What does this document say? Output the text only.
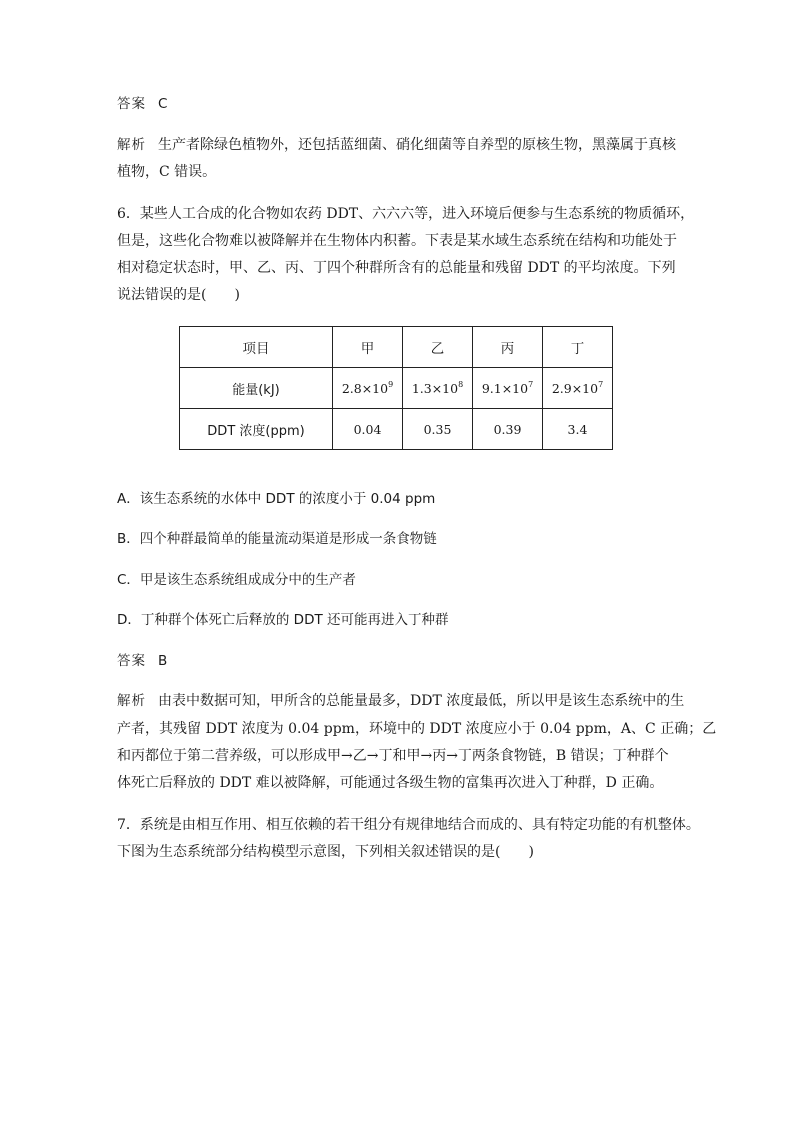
答案 C
解析 生产者除绿色植物外，还包括蓝细菌、硝化细菌等自养型的原核生物，黑藻属于真核
植物，C 错误。
6．某些人工合成的化合物如农药 DDT、六六六等，进入环境后便参与生态系统的物质循环，
但是，这些化合物难以被降解并在生物体内积蓄。下表是某水域生态系统在结构和功能处于
相对稳定状态时，甲、乙、丙、丁四个种群所含有的总能量和残留 DDT 的平均浓度。下列
说法错误的是(　　)
项目	甲	乙	丙	丁
能量(kJ)	$2.8\times 10^9$	$1.3\times 10^8$	$9.1\times 10^7$	$2.9\times 10^7$
DDT 浓度(ppm)	0.04	0.35	0.39	3.4
A．该生态系统的水体中 DDT 的浓度小于 0.04 ppm
B．四个种群最简单的能量流动渠道是形成一条食物链
C．甲是该生态系统组成成分中的生产者
D．丁种群个体死亡后释放的 DDT 还可能再进入丁种群
答案 B
解析 由表中数据可知，甲所含的总能量最多，DDT 浓度最低，所以甲是该生态系统中的生
产者，其残留 DDT 浓度为 0.04 ppm，环境中的 DDT 浓度应小于 0.04 ppm，A、C 正确；乙
和丙都位于第二营养级，可以形成甲→乙→丁和甲→丙→丁两条食物链，B 错误；丁种群个
体死亡后释放的 DDT 难以被降解，可能通过各级生物的富集再次进入丁种群，D 正确。
7．系统是由相互作用、相互依赖的若干组分有规律地结合而成的、具有特定功能的有机整体。
下图为生态系统部分结构模型示意图，下列相关叙述错误的是(　　)
